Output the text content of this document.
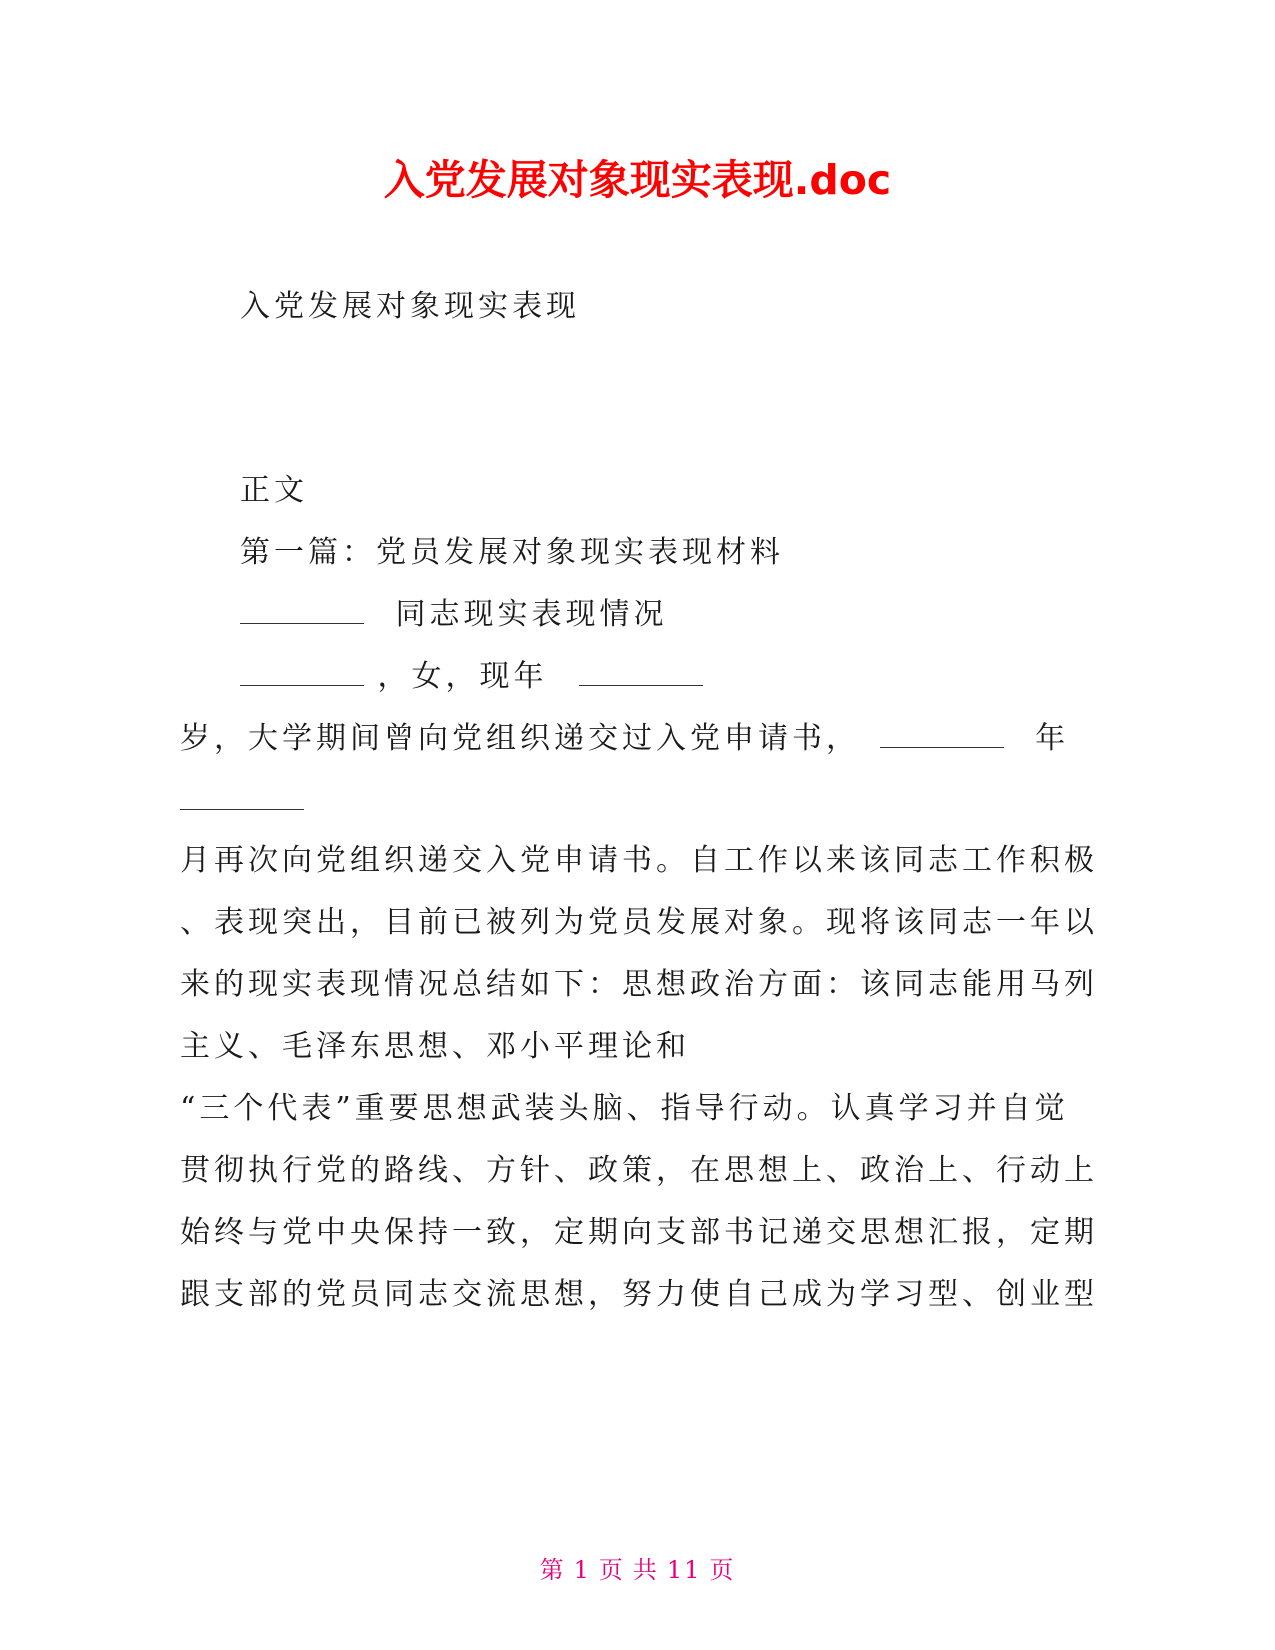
入党发展对象现实表现.doc
入党发展对象现实表现
正文
第一篇：党员发展对象现实表现材料
同志现实表现情况
，女，现年
岁，大学期间曾向党组织递交过入党申请书，	年
月再次向党组织递交入党申请书。自工作以来该同志工作积极
、表现突出，目前已被列为党员发展对象。现将该同志一年以
来的现实表现情况总结如下：思想政治方面：该同志能用马列
主义、毛泽东思想、邓小平理论和
“三个代表”重要思想武装头脑、指导行动。认真学习并自觉
贯彻执行党的路线、方针、政策，在思想上、政治上、行动上
始终与党中央保持一致，定期向支部书记递交思想汇报，定期
跟支部的党员同志交流思想，努力使自己成为学习型、创业型
第 1 页 共 11 页
